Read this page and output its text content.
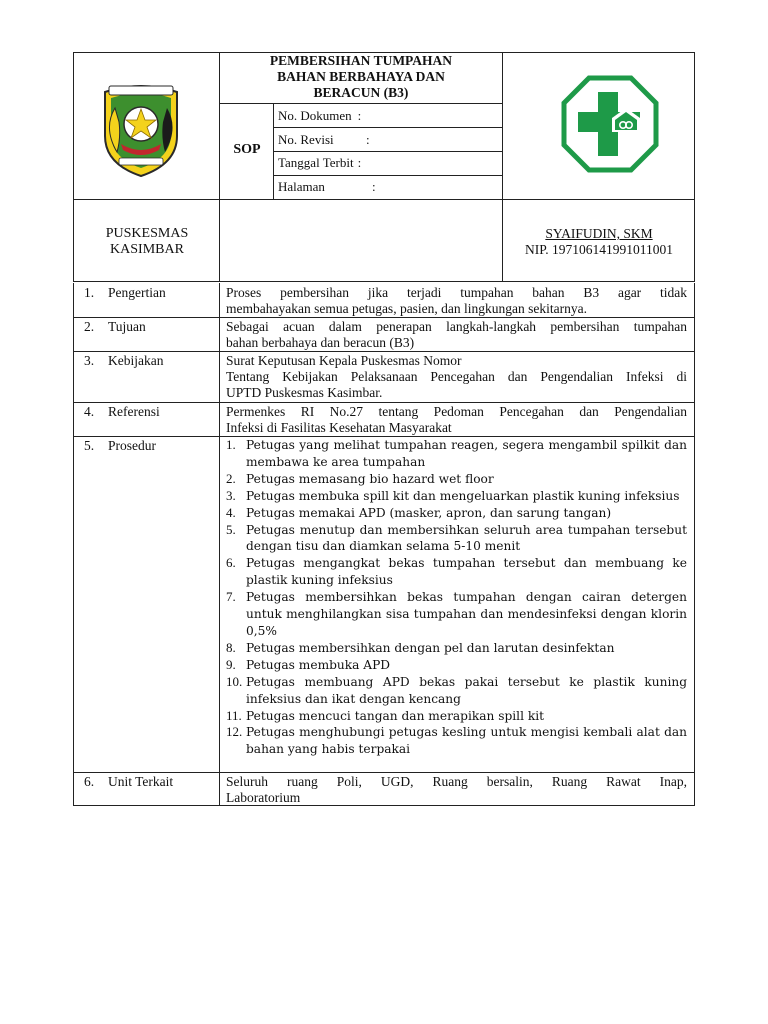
PEMBERSIHAN TUMPAHAN
BAHAN BERBAHAYA DAN
BERACUN (B3)
SOP
No. Dokumen :
No. Revisi :
Tanggal Terbit :
Halaman	:
PUSKESMAS
KASIMBAR
SYAIFUDIN, SKM
NIP. 197106141991011001
1. Pengertian
2. Tujuan
3. Kebijakan
4. Referensi
5. Prosedur
6. Unit Terkait

Proses pembersihan jika terjadi tumpahan bahan B3 agar tidak

membahayakan semua petugas, pasien, dan lingkungan sekitarnya.

Sebagai acuan dalam penerapan langkah-langkah pembersihan tumpahan

bahan berbahaya dan beracun (B3)

Surat Keputusan Kepala Puskesmas Nomor

Tentang Kebijakan Pelaksanaan Pencegahan dan Pengendalian Infeksi di

UPTD Puskesmas Kasimbar.

Permenkes RI No.27 tentang Pedoman Pencegahan dan Pengendalian

Infeksi di Fasilitas Kesehatan Masyarakat

1. Petugas yang melihat tumpahan reagen, segera mengambil spilkit dan membawa ke area tumpahan
2. Petugas memasang bio hazard wet floor
3. Petugas membuka spill kit dan mengeluarkan plastik kuning infeksius
4. Petugas memakai APD (masker, apron, dan sarung tangan)
5. Petugas menutup dan membersihkan seluruh area tumpahan tersebut dengan tisu dan diamkan selama 5-10 menit
6. Petugas mengangkat bekas tumpahan tersebut dan membuang ke plastik kuning infeksius
7. Petugas membersihkan bekas tumpahan dengan cairan detergen untuk menghilangkan sisa tumpahan dan mendesinfeksi dengan klorin 0,5%
8. Petugas membersihkan dengan pel dan larutan desinfektan
9. Petugas membuka APD
10. Petugas membuang APD bekas pakai tersebut ke plastik kuning infeksius dan ikat dengan kencang
11. Petugas mencuci tangan dan merapikan spill kit
12. Petugas menghubungi petugas kesling untuk mengisi kembali alat dan bahan yang habis terpakai

Seluruh ruang Poli, UGD, Ruang bersalin, Ruang Rawat Inap,

Laboratorium
